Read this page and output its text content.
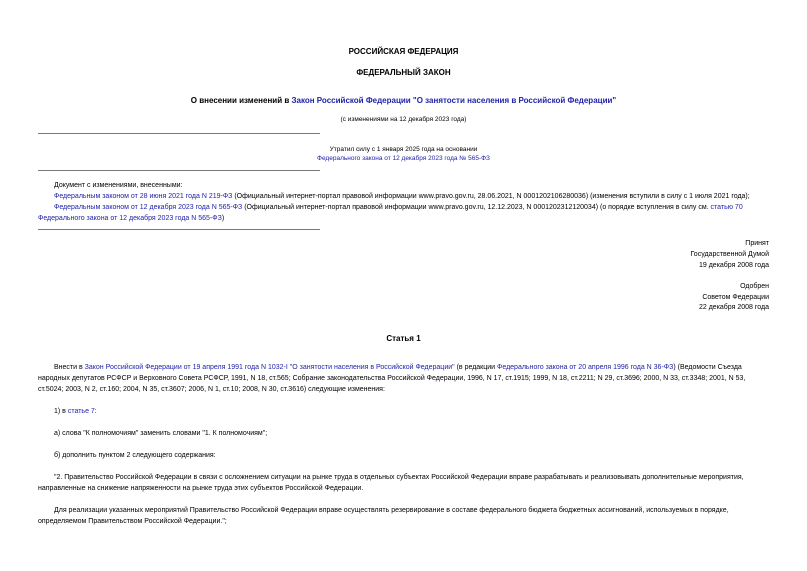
РОССИЙСКАЯ ФЕДЕРАЦИЯ
ФЕДЕРАЛЬНЫЙ ЗАКОН
О внесении изменений в Закон Российской Федерации "О занятости населения в Российской Федерации"
(с изменениями на 12 декабря 2023 года)
Утратил силу с 1 января 2025 года на основании
Федерального закона от 12 декабря 2023 года № 565-ФЗ

Документ с изменениями, внесенными:

Федеральным законом от 28 июня 2021 года N 219-ФЗ (Официальный интернет-портал правовой информации www.pravo.gov.ru, 28.06.2021, N 0001202106280036) (изменения вступили в силу с 1 июля 2021 года);

Федеральным законом от 12 декабря 2023 года N 565-ФЗ (Официальный интернет-портал правовой информации www.pravo.gov.ru, 12.12.2023, N 0001202312120034) (о порядке вступления в силу см. статью 70 Федерального закона от 12 декабря 2023 года N 565-ФЗ)

Принят
Государственной Думой
19 декабря 2008 года
Одобрен
Советом Федерации
22 декабря 2008 года
Статья 1

Внести в Закон Российской Федерации от 19 апреля 1991 года N 1032-I "О занятости населения в Российской Федерации" (в редакции Федерального закона от 20 апреля 1996 года N 36-ФЗ) (Ведомости Съезда народных депутатов РСФСР и Верховного Совета РСФСР, 1991, N 18, ст.565; Собрание законодательства Российской Федерации, 1996, N 17, ст.1915; 1999, N 18, ст.2211; N 29, ст.3696; 2000, N 33, ст.3348; 2001, N 53, ст.5024; 2003, N 2, ст.160; 2004, N 35, ст.3607; 2006, N 1, ст.10; 2008, N 30, ст.3616) следующие изменения:

1) в статье 7:

а) слова "К полномочиям" заменить словами "1. К полномочиям";

б) дополнить пунктом 2 следующего содержания:

"2. Правительство Российской Федерации в связи с осложнением ситуации на рынке труда в отдельных субъектах Российской Федерации вправе разрабатывать и реализовывать дополнительные мероприятия, направленные на снижение напряженности на рынке труда этих субъектов Российской Федерации.

Для реализации указанных мероприятий Правительство Российской Федерации вправе осуществлять резервирование в составе федерального бюджета бюджетных ассигнований, используемых в порядке, определяемом Правительством Российской Федерации.";
